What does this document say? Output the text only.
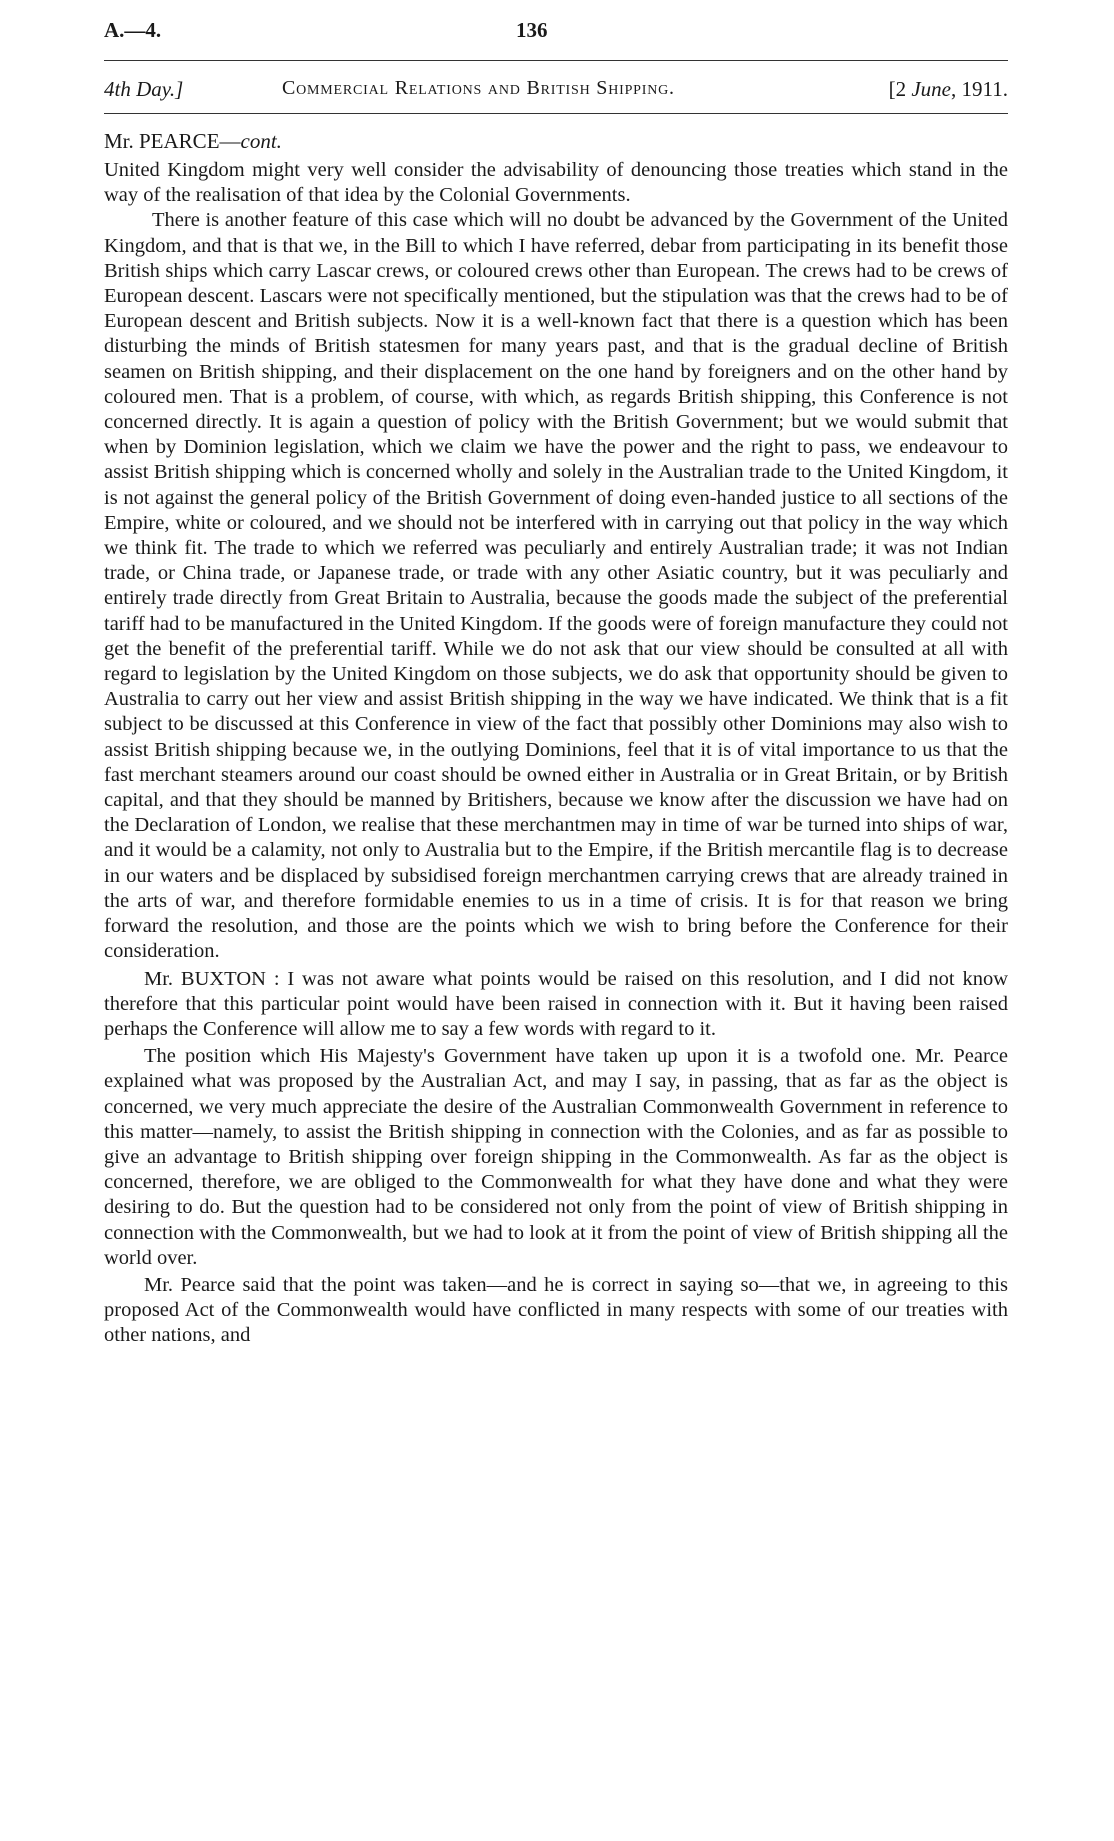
A.—4.	136
4th Day.]	Commercial Relations and British Shipping.	[2 June, 1911.
Mr. PEARCE—cont.

United Kingdom might very well consider the advisability of denouncing those treaties which stand in the way of the realisation of that idea by the Colonial Governments.

There is another feature of this case which will no doubt be advanced by the Government of the United Kingdom, and that is that we, in the Bill to which I have referred, debar from participating in its benefit those British ships which carry Lascar crews, or coloured crews other than European. The crews had to be crews of European descent. Lascars were not specifically mentioned, but the stipulation was that the crews had to be of European descent and British subjects. Now it is a well-known fact that there is a question which has been disturbing the minds of British statesmen for many years past, and that is the gradual decline of British seamen on British shipping, and their displacement on the one hand by foreigners and on the other hand by coloured men. That is a problem, of course, with which, as regards British shipping, this Conference is not concerned directly. It is again a question of policy with the British Government; but we would submit that when by Dominion legislation, which we claim we have the power and the right to pass, we endeavour to assist British shipping which is concerned wholly and solely in the Australian trade to the United Kingdom, it is not against the general policy of the British Government of doing even-handed justice to all sections of the Empire, white or coloured, and we should not be interfered with in carrying out that policy in the way which we think fit. The trade to which we referred was peculiarly and entirely Australian trade; it was not Indian trade, or China trade, or Japanese trade, or trade with any other Asiatic country, but it was peculiarly and entirely trade directly from Great Britain to Australia, because the goods made the subject of the preferential tariff had to be manufactured in the United Kingdom. If the goods were of foreign manufacture they could not get the benefit of the preferential tariff. While we do not ask that our view should be consulted at all with regard to legislation by the United Kingdom on those subjects, we do ask that opportunity should be given to Australia to carry out her view and assist British shipping in the way we have indicated. We think that is a fit subject to be discussed at this Conference in view of the fact that possibly other Dominions may also wish to assist British shipping because we, in the outlying Dominions, feel that it is of vital importance to us that the fast merchant steamers around our coast should be owned either in Australia or in Great Britain, or by British capital, and that they should be manned by Britishers, because we know after the discussion we have had on the Declaration of London, we realise that these merchantmen may in time of war be turned into ships of war, and it would be a calamity, not only to Australia but to the Empire, if the British mercantile flag is to decrease in our waters and be displaced by subsidised foreign merchantmen carrying crews that are already trained in the arts of war, and therefore formidable enemies to us in a time of crisis. It is for that reason we bring forward the resolution, and those are the points which we wish to bring before the Conference for their consideration.

Mr. BUXTON : I was not aware what points would be raised on this resolution, and I did not know therefore that this particular point would have been raised in connection with it. But it having been raised perhaps the Conference will allow me to say a few words with regard to it.

The position which His Majesty's Government have taken up upon it is a twofold one. Mr. Pearce explained what was proposed by the Australian Act, and may I say, in passing, that as far as the object is concerned, we very much appreciate the desire of the Australian Commonwealth Government in reference to this matter—namely, to assist the British shipping in connection with the Colonies, and as far as possible to give an advantage to British shipping over foreign shipping in the Commonwealth. As far as the object is concerned, therefore, we are obliged to the Commonwealth for what they have done and what they were desiring to do. But the question had to be considered not only from the point of view of British shipping in connection with the Commonwealth, but we had to look at it from the point of view of British shipping all the world over.

Mr. Pearce said that the point was taken—and he is correct in saying so—that we, in agreeing to this proposed Act of the Commonwealth would have conflicted in many respects with some of our treaties with other nations, and
